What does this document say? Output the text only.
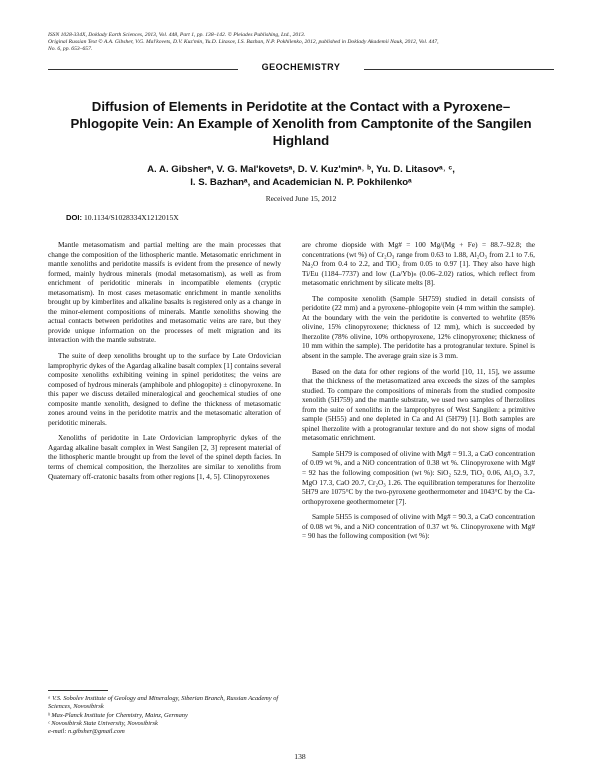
ISSN 1028-334X, Doklady Earth Sciences, 2013, Vol. 448, Part 1, pp. 138–142. © Pleiades Publishing, Ltd., 2013.
Original Russian Text © A.A. Gibsher, V.G. Mal'kovets, D.V. Kuz'min, Yu.D. Litasov, I.S. Bazhan, N.P. Pokhilenko, 2012, published in Doklady Akademii Nauk, 2012, Vol. 447,
No. 6, pp. 653–657.
GEOCHEMISTRY
Diffusion of Elements in Peridotite at the Contact with a Pyroxene–Phlogopite Vein: An Example of Xenolith from Camptonite of the Sangilen Highland
A. A. Gibsherᵃ, V. G. Mal'kovetsᵃ, D. V. Kuz'minᵃ˒ ᵇ, Yu. D. Litasovᵃ˒ ᶜ,
I. S. Bazhanᵃ, and Academician N. P. Pokhilenkoᵃ
Received June 15, 2012
DOI: 10.1134/S1028334X1212015X

Mantle metasomatism and partial melting are the main processes that change the composition of the lithospheric mantle. Metasomatic enrichment in mantle xenoliths and peridotite massifs is evident from the presence of newly formed, mainly hydrous minerals (modal metasomatism), as well as from enrichment of peridotitic minerals in incompatible elements (cryptic metasomatism). In most cases metasomatic enrichment in mantle xenoliths brought up by kimberlites and alkaline basalts is registered only as a change in the minor-element compositions of minerals. Mantle xenoliths showing the actual contacts between peridotites and metasomatic veins are rare, but they provide unique information on the processes of melt migration and its interaction with the mantle substrate.

The suite of deep xenoliths brought up to the surface by Late Ordovician lamprophyric dykes of the Agardag alkaline basalt complex [1] contains several composite xenoliths exhibiting veining in spinel peridotites; the veins are composed of hydrous minerals (amphibole and phlogopite) ± clinopyroxene. In this paper we discuss detailed mineralogical and geochemical studies of one composite mantle xenolith, designed to define the thickness of metasomatic zones around veins in the peridotite matrix and the metasomatic alteration of peridotitic minerals.

Xenoliths of peridotite in Late Ordovician lamprophyric dykes of the Agardag alkaline basalt complex in West Sangilen [2, 3] represent material of the lithospheric mantle brought up from the level of the spinel depth facies. In terms of chemical composition, the lherzolites are similar to xenoliths from Quaternary off-cratonic basalts from other regions [1, 4, 5]. Clinopyroxenes

are chrome diopside with Mg# = 100 Mg/(Mg + Fe) = 88.7–92.8; the concentrations (wt %) of Cr₂O₃ range from 0.63 to 1.88, Al₂O₃ from 2.1 to 7.6, Na₂O from 0.4 to 2.2, and TiO₂ from 0.05 to 0.97 [1]. They also have high Ti/Eu (1184–7737) and low (La/Yb)ₙ (0.06–2.02) ratios, which reflect from metasomatic enrichment by silicate melts [8].

The composite xenolith (Sample 5H759) studied in detail consists of peridotite (22 mm) and a pyroxene–phlogopite vein (4 mm within the sample). At the boundary with the vein the peridotite is converted to wehrlite (85% olivine, 15% clinopyroxene; thickness of 12 mm), which is succeeded by lherzolite (78% olivine, 10% orthopyroxene, 12% clinopyroxene; thickness of 10 mm within the sample). The peridotite has a protogranular texture. Spinel is absent in the sample. The average grain size is 3 mm.

Based on the data for other regions of the world [10, 11, 15], we assume that the thickness of the metasomatized area exceeds the sizes of the samples studied. To compare the compositions of minerals from the studied composite xenolith (5H759) and the mantle substrate, we used two samples of lherzolites from the suite of xenoliths in the lamprophyres of West Sangilen: a primitive sample (5H55) and one depleted in Ca and Al (5H79) [1]. Both samples are spinel lherzolite with a protogranular texture and do not show signs of modal metasomatic enrichment.

Sample 5H79 is composed of olivine with Mg# = 91.3, a CaO concentration of 0.09 wt %, and a NiO concentration of 0.38 wt %. Clinopyroxene with Mg# = 92 has the following composition (wt %): SiO₂ 52.9, TiO₂ 0.06, Al₂O₃ 3.7, MgO 17.3, CaO 20.7, Cr₂O₃ 1.26. The equilibration temperatures for lherzolite 5H79 are 1075°C by the two-pyroxene geothermometer and 1043°C by the Ca-orthopyroxene geothermometer [7].

Sample 5H55 is composed of olivine with Mg# = 90.3, a CaO concentration of 0.08 wt %, and a NiO concentration of 0.37 wt %. Clinopyroxene with Mg# = 90 has the following composition (wt %):

ᵃ V.S. Sobolev Institute of Geology and Mineralogy, Siberian Branch, Russian Academy of Sciences, Novosibirsk
ᵇ Max-Planck Institute for Chemistry, Mainz, Germany
ᶜ Novosibirsk State University, Novosibirsk
e-mail: n.gibsher@gmail.com
138
